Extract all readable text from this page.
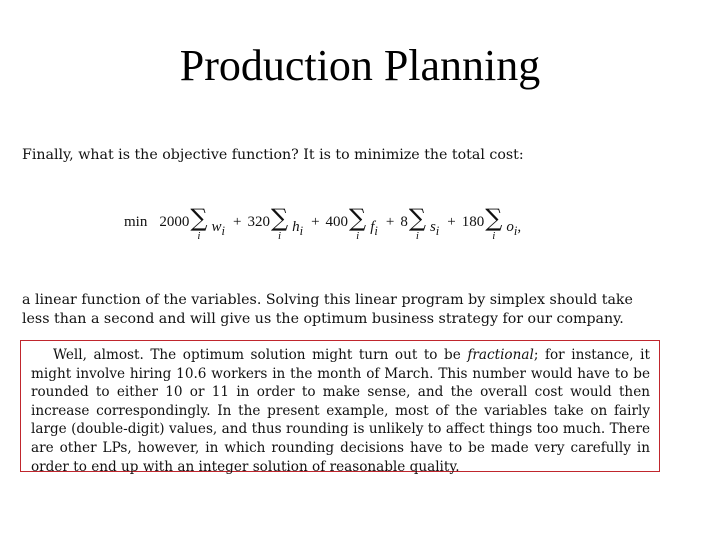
Production Planning
Finally, what is the objective function? It is to minimize the total cost:
min 2000 ∑
i
$w_i$
+ 320 ∑
i
$h_i$
+ 400 ∑
i
$f_i$
+ 8 ∑
i
$s_i$
+ 180 ∑
i
$o_i$,
a linear function of the variables. Solving this linear program by simplex should take less than a second and will give us the optimum business strategy for our company.
Well, almost. The optimum solution might turn out to be fractional; for instance, it might involve hiring 10.6 workers in the month of March. This number would have to be rounded to either 10 or 11 in order to make sense, and the overall cost would then increase correspondingly. In the present example, most of the variables take on fairly large (double-digit) values, and thus rounding is unlikely to affect things too much. There are other LPs, however, in which rounding decisions have to be made very carefully in order to end up with an integer solution of reasonable quality.
